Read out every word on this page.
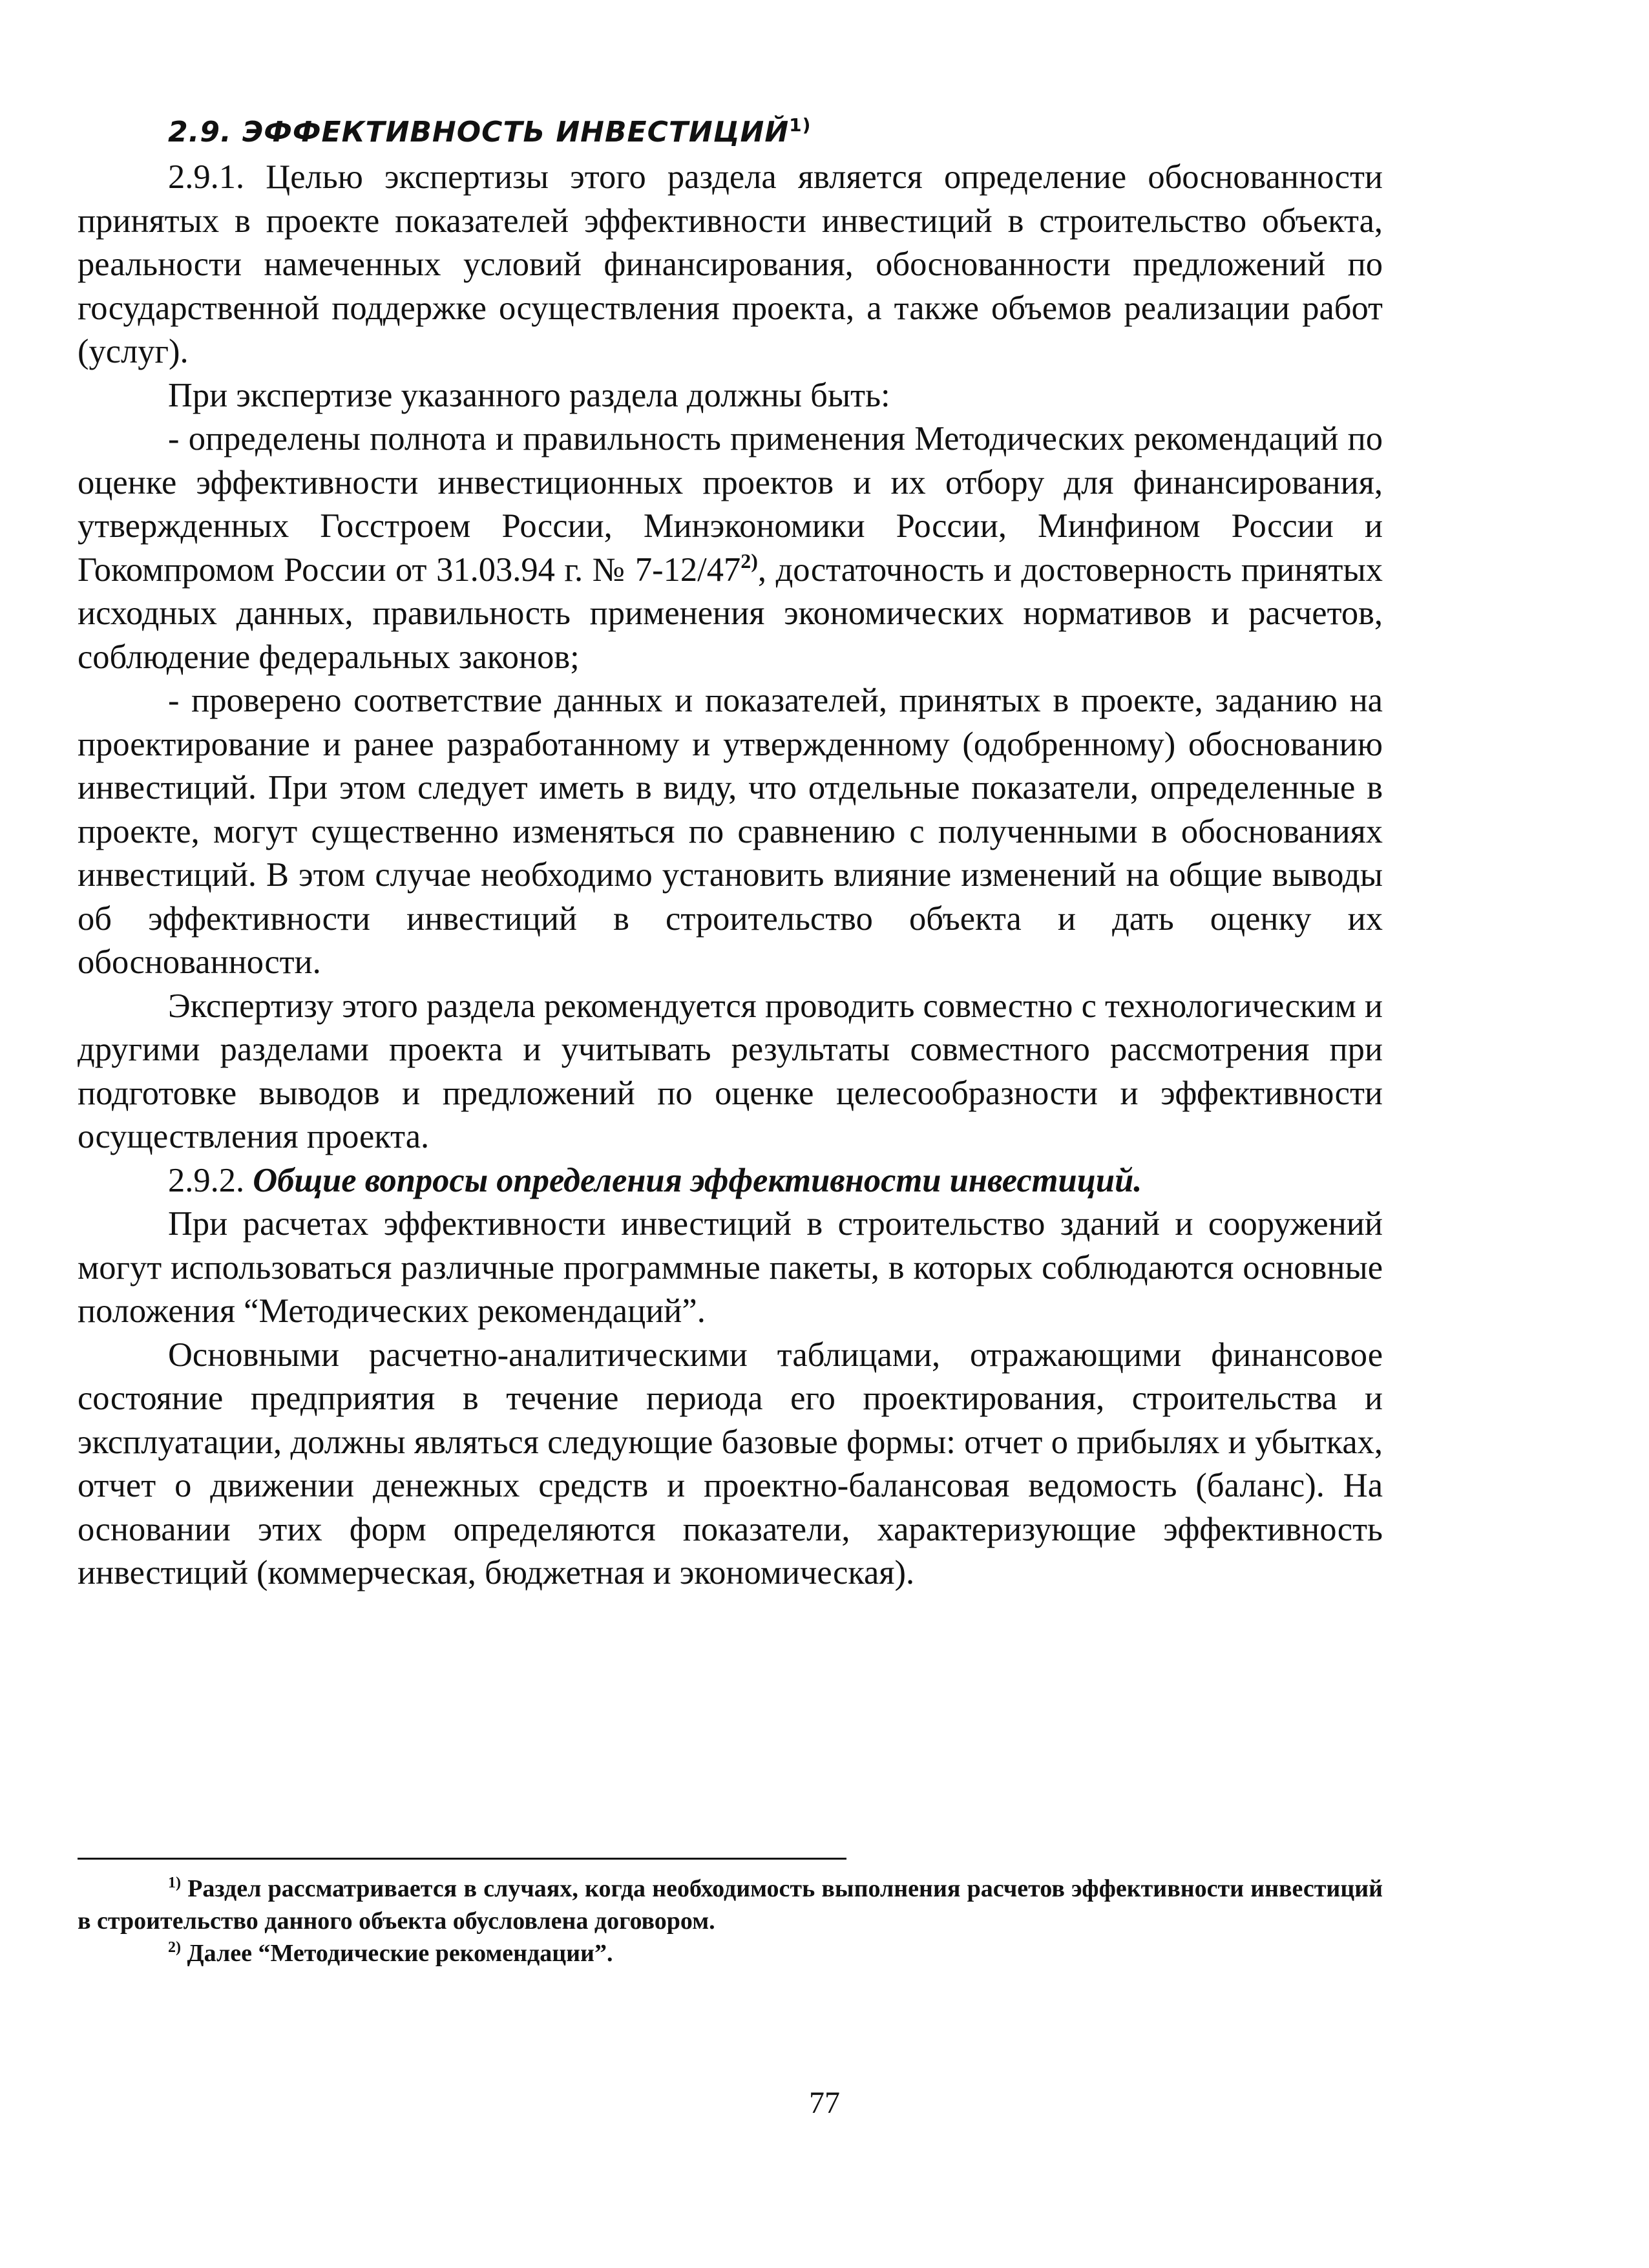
2.9. ЭФФЕКТИВНОСТЬ ИНВЕСТИЦИЙ$^{1)}$

2.9.1. Целью экспертизы этого раздела является определение обоснованности принятых в проекте показателей эффективности инвестиций в строительство объекта, реальности намеченных условий финансирования, обоснованности предложений по государственной поддержке осуществления проекта, а также объемов реализации работ (услуг).

При экспертизе указанного раздела должны быть:

- определены полнота и правильность применения Методических рекомендаций по оценке эффективности инвестиционных проектов и их отбору для финансирования, утвержденных Госстроем России, Минэкономики России, Минфином России и Гокомпромом России от 31.03.94 г. № 7-12/47$^{2)}$, достаточность и достоверность принятых исходных данных, правильность применения экономических нормативов и расчетов, соблюдение федеральных законов;

- проверено соответствие данных и показателей, принятых в проекте, заданию на проектирование и ранее разработанному и утвержденному (одобренному) обоснованию инвестиций. При этом следует иметь в виду, что отдельные показатели, определенные в проекте, могут существенно изменяться по сравнению с полученными в обоснованиях инвестиций. В этом случае необходимо установить влияние изменений на общие выводы об эффективности инвестиций в строительство объекта и дать оценку их обоснованности.

Экспертизу этого раздела рекомендуется проводить совместно с технологическим и другими разделами проекта и учитывать результаты совместного рассмотрения при подготовке выводов и предложений по оценке целесообразности и эффективности осуществления проекта.

2.9.2. Общие вопросы определения эффективности инвестиций.

При расчетах эффективности инвестиций в строительство зданий и сооружений могут использоваться различные программные пакеты, в которых соблюдаются основные положения “Методических рекомендаций”.

Основными расчетно-аналитическими таблицами, отражающими финансовое состояние предприятия в течение периода его проектирования, строительства и эксплуатации, должны являться следующие базовые формы: отчет о прибылях и убытках, отчет о движении денежных средств и проектно-балансовая ведомость (баланс). На основании этих форм определяются показатели, характеризующие эффективность инвестиций (коммерческая, бюджетная и экономическая).

$^{1)}$ Раздел рассматривается в случаях, когда необходимость выполнения расчетов эффективности инвестиций в строительство данного объекта обусловлена договором.

$^{2)}$ Далее “Методические рекомендации”.

77
